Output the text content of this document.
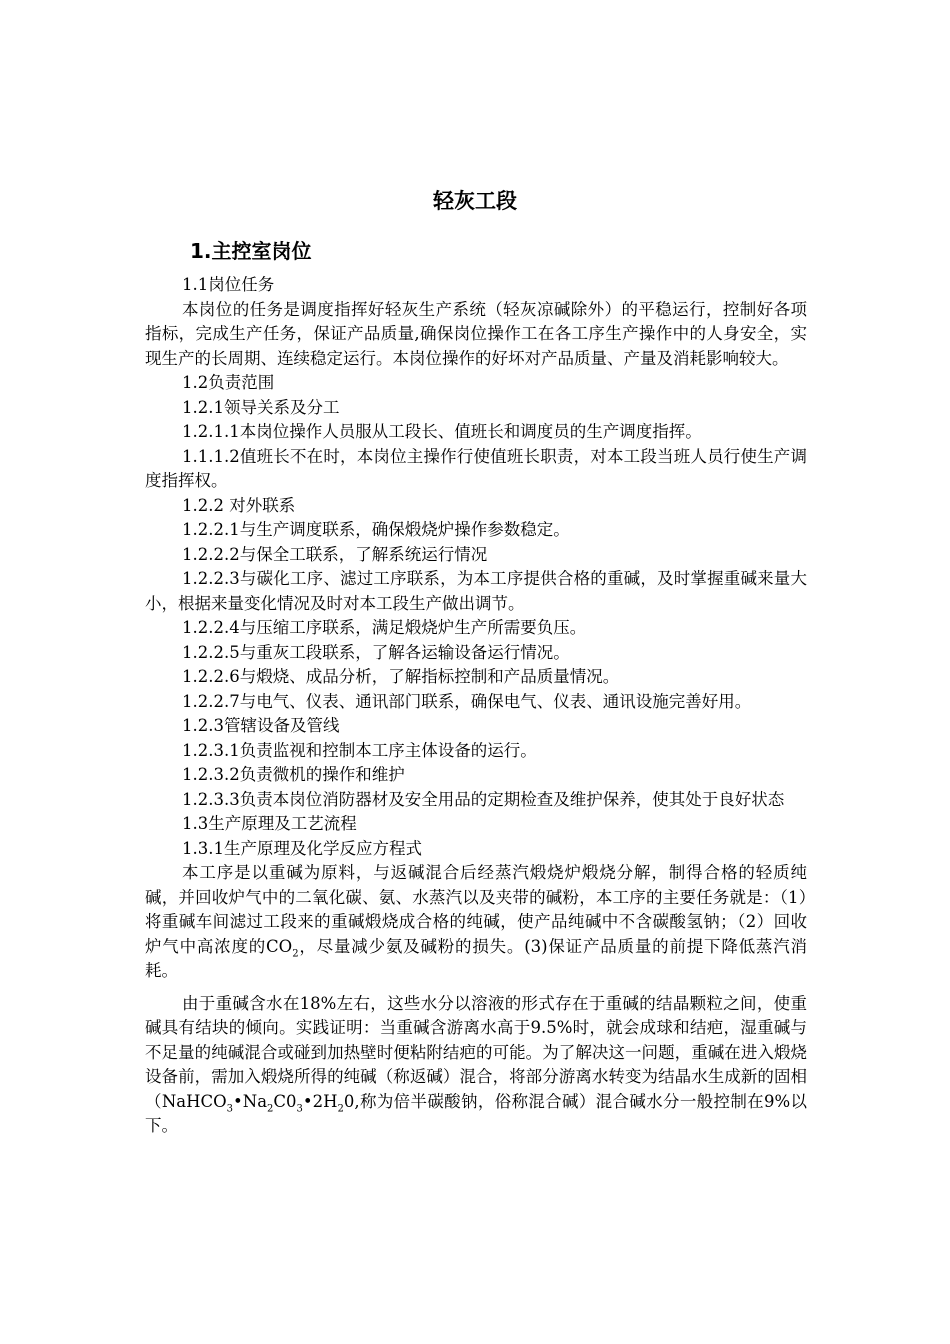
轻灰工段
1.主控室岗位

1.1岗位任务

本岗位的任务是调度指挥好轻灰生产系统（轻灰凉碱除外）的平稳运行，控制好各项指标，完成生产任务，保证产品质量,确保岗位操作工在各工序生产操作中的人身安全，实现生产的长周期、连续稳定运行。本岗位操作的好坏对产品质量、产量及消耗影响较大。

1.2负责范围

1.2.1领导关系及分工

1.2.1.1本岗位操作人员服从工段长、值班长和调度员的生产调度指挥。

1.1.1.2值班长不在时，本岗位主操作行使值班长职责，对本工段当班人员行使生产调度指挥权。

1.2.2 对外联系

1.2.2.1与生产调度联系，确保煅烧炉操作参数稳定。

1.2.2.2与保全工联系，了解系统运行情况

1.2.2.3与碳化工序、滤过工序联系，为本工序提供合格的重碱，及时掌握重碱来量大小，根据来量变化情况及时对本工段生产做出调节。

1.2.2.4与压缩工序联系，满足煅烧炉生产所需要负压。

1.2.2.5与重灰工段联系，了解各运输设备运行情况。

1.2.2.6与煅烧、成品分析，了解指标控制和产品质量情况。

1.2.2.7与电气、仪表、通讯部门联系，确保电气、仪表、通讯设施完善好用。

1.2.3管辖设备及管线

1.2.3.1负责监视和控制本工序主体设备的运行。

1.2.3.2负责微机的操作和维护

1.2.3.3负责本岗位消防器材及安全用品的定期检查及维护保养，使其处于良好状态

1.3生产原理及工艺流程

1.3.1生产原理及化学反应方程式

本工序是以重碱为原料，与返碱混合后经蒸汽煅烧炉煅烧分解，制得合格的轻质纯碱，并回收炉气中的二氧化碳、氨、水蒸汽以及夹带的碱粉，本工序的主要任务就是：（1）将重碱车间滤过工段来的重碱煅烧成合格的纯碱，使产品纯碱中不含碳酸氢钠；（2）回收炉气中高浓度的$CO_2$，尽量减少氨及碱粉的损失。(3)保证产品质量的前提下降低蒸汽消耗。

由于重碱含水在18%左右，这些水分以溶液的形式存在于重碱的结晶颗粒之间，使重碱具有结块的倾向。实践证明：当重碱含游离水高于9.5%时，就会成球和结疤，湿重碱与不足量的纯碱混合或碰到加热壁时便粘附结疤的可能。为了解决这一问题，重碱在进入煅烧设备前，需加入煅烧所得的纯碱（称返碱）混合，将部分游离水转变为结晶水生成新的固相（$NaHCO_3•Na_2C0_3•2H_20$,称为倍半碳酸钠，俗称混合碱）混合碱水分一般控制在9%以下。
